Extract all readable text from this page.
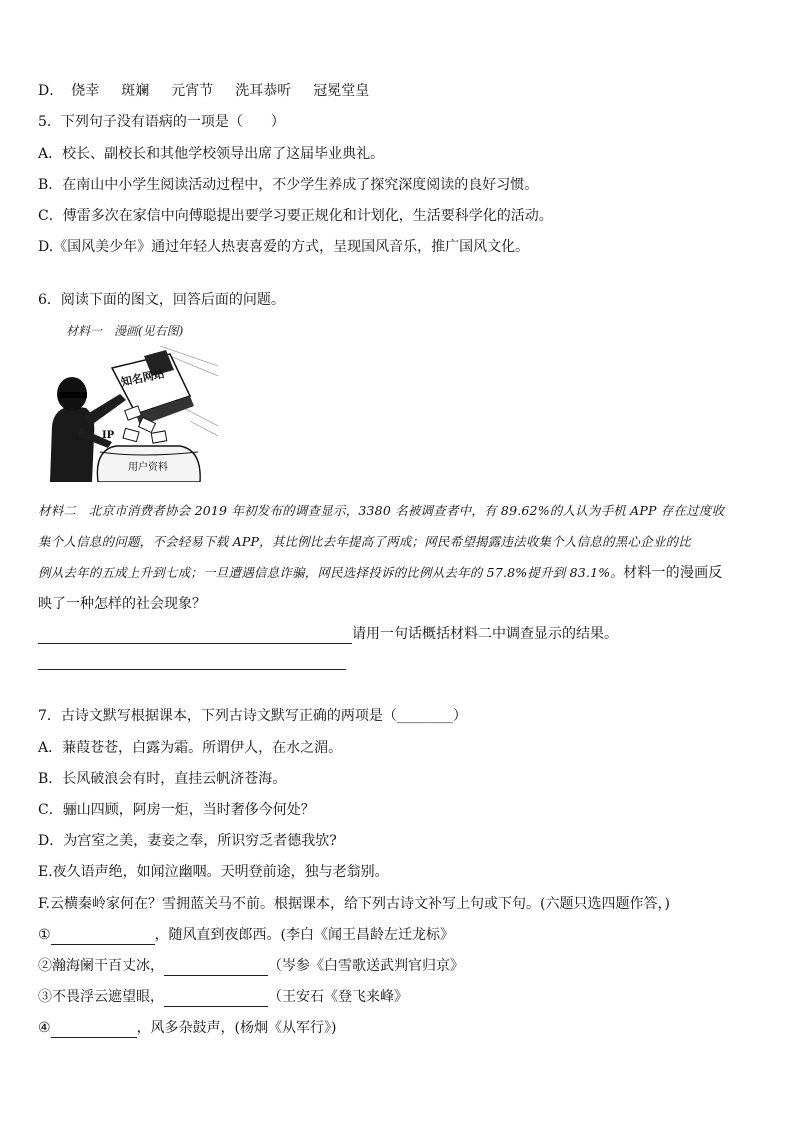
D． 侥幸 斑斓 元宵节 洗耳恭听 冠冕堂皇
5．下列句子没有语病的一项是（　　）
A．校长、副校长和其他学校领导出席了这届毕业典礼。
B．在南山中小学生阅读活动过程中，不少学生养成了探究深度阅读的良好习惯。
C．傅雷多次在家信中向傅聪提出要学习要正规化和计划化，生活要科学化的活动。
D.《国风美少年》通过年轻人热衷喜爱的方式，呈现国风音乐，推广国风文化。
6．阅读下面的图文，回答后面的问题。
材料一　漫画(见右图)
知名网站
IP
用户资料
材料二　北京市消费者协会 2019 年初发布的调查显示，3380 名被调查者中，有 89.62%的人认为手机 APP 存在过度收
集个人信息的问题，不会轻易下载 APP，其比例比去年提高了两成；网民希望揭露违法收集个人信息的黑心企业的比
例从去年的五成上升到七成；一旦遭遇信息诈骗，网民选择投诉的比例从去年的 57.8%提升到 83.1%。材料一的漫画反
映了一种怎样的社会现象？
请用一句话概括材料二中调查显示的结果。
7．古诗文默写根据课本，下列古诗文默写正确的两项是（________）
A．蒹葭苍苍，白露为霜。所谓伊人，在水之湄。
B．长风破浪会有时，直挂云帆济苍海。
C．骊山四顾，阿房一炬，当时奢侈今何处？
D．为宫室之美，妻妾之奉，所识穷乏者德我欤?
E.夜久语声绝，如闻泣幽咽。天明登前途，独与老翁别。
F.云横秦岭家何在？雪拥蓝关马不前。根据课本，给下列古诗文补写上句或下句。(六题只选四题作答，)
①	，随风直到夜郎西。(李白《闻王昌龄左迁龙标》
②瀚海阑干百丈冰，	（岑参《白雪歌送武判官归京》
③不畏浮云遮望眼，	（王安石《登飞来峰》
④	，风多杂鼓声，(杨炯《从军行》)
